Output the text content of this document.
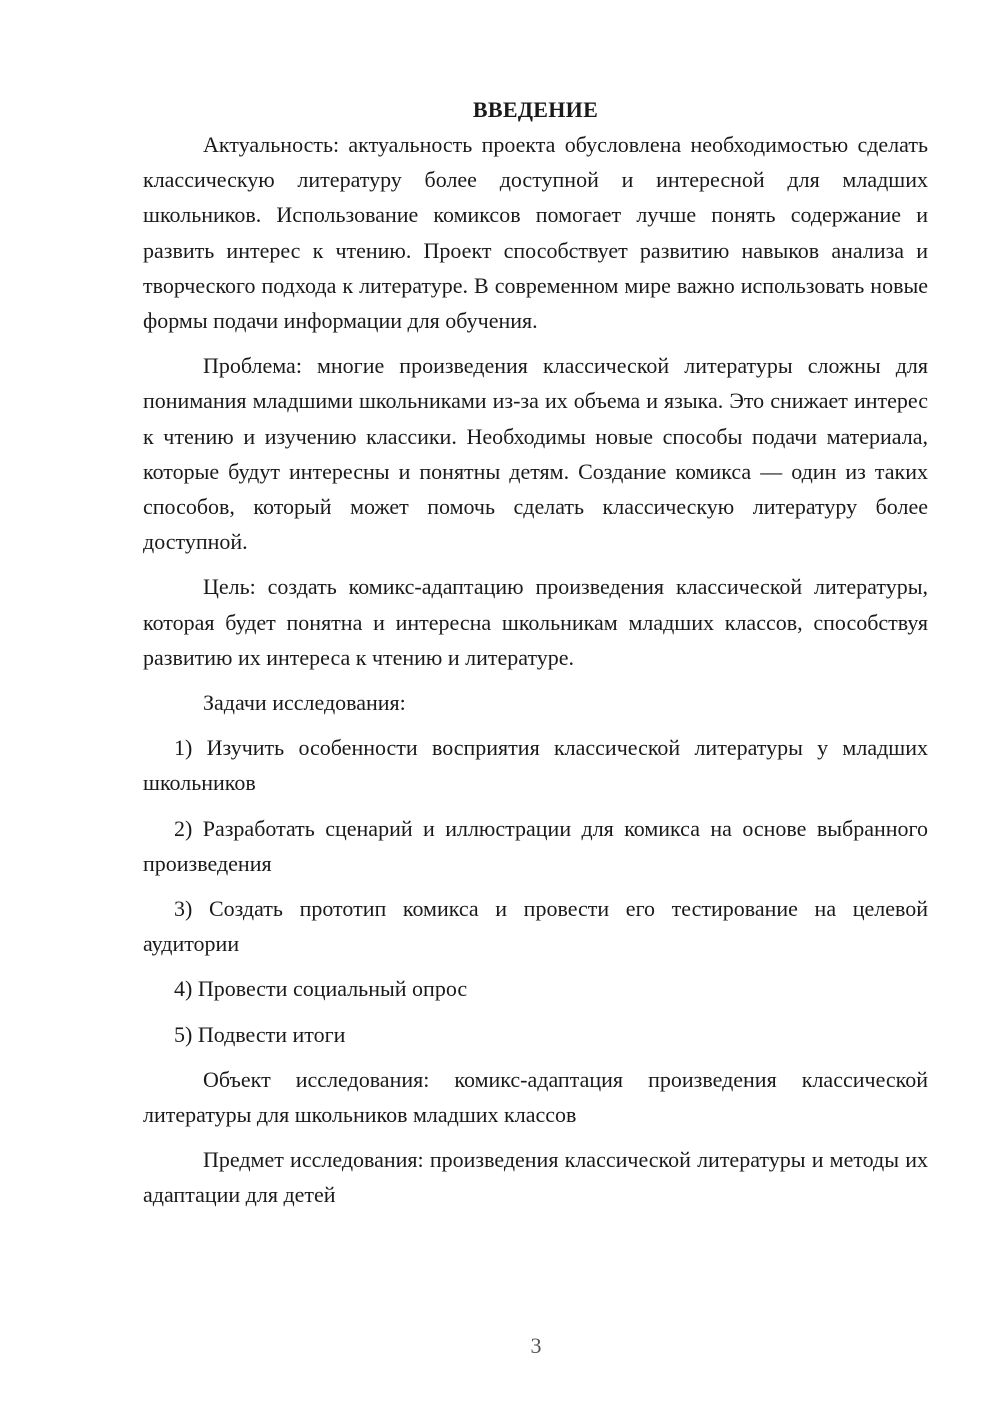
ВВЕДЕНИЕ

Актуальность: актуальность проекта обусловлена необходимостью сделать классическую литературу более доступной и интересной для младших школьников. Использование комиксов помогает лучше понять содержание и развить интерес к чтению. Проект способствует развитию навыков анализа и творческого подхода к литературе. В современном мире важно использовать новые формы подачи информации для обучения.

Проблема: многие произведения классической литературы сложны для понимания младшими школьниками из-за их объема и языка. Это снижает интерес к чтению и изучению классики. Необходимы новые способы подачи материала, которые будут интересны и понятны детям. Создание комикса — один из таких способов, который может помочь сделать классическую литературу более доступной.

Цель: создать комикс-адаптацию произведения классической литературы, которая будет понятна и интересна школьникам младших классов, способствуя развитию их интереса к чтению и литературе.

Задачи исследования:

1) Изучить особенности восприятия классической литературы у младших школьников

2) Разработать сценарий и иллюстрации для комикса на основе выбранного произведения

3) Создать прототип комикса и провести его тестирование на целевой аудитории

4) Провести социальный опрос

5) Подвести итоги

Объект исследования: комикс-адаптация произведения классической литературы для школьников младших классов

Предмет исследования: произведения классической литературы и методы их адаптации для детей

3
